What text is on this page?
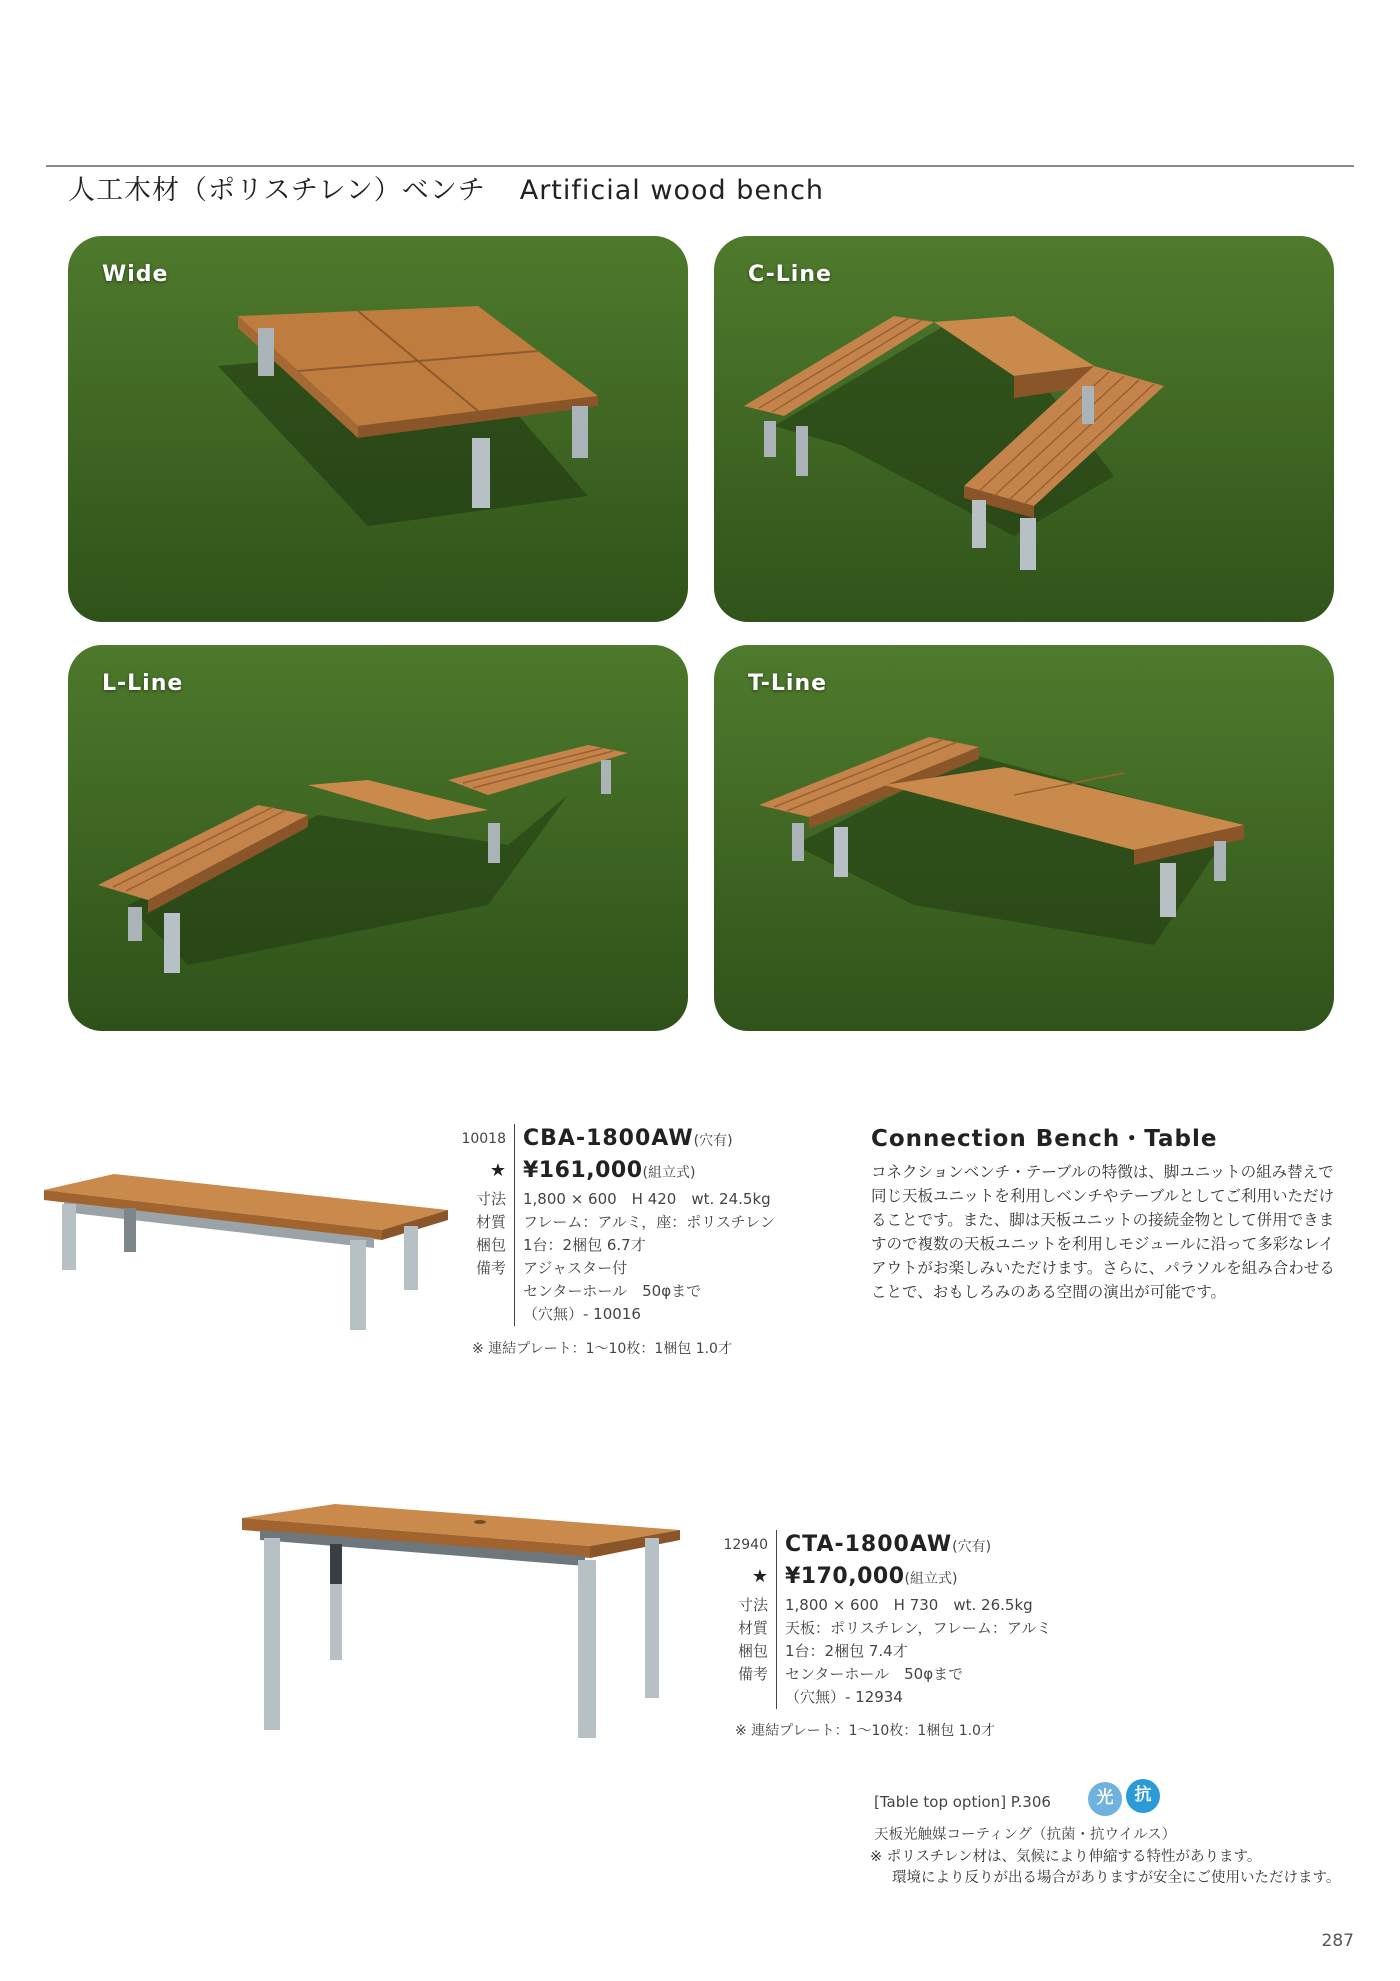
人工木材（ポリスチレン）ベンチ Artificial wood bench
Wide	C-Line
L-Line	T-Line
10018 CBA-1800AW(穴有)
★ ¥161,000(組立式)
寸法	1,800 × 600　H 420　wt. 24.5kg
材質	フレーム：アルミ，座：ポリスチレン
梱包	1台：2梱包 6.7才
備考	アジャスター付
センターホール　50φまで
（穴無）- 10016
※ 連結プレート：1〜10枚：1梱包 1.0才
Connection Bench・Table
コネクションベンチ・テーブルの特徴は、脚ユニットの組み替えで同じ天板ユニットを利用しベンチやテーブルとしてご利用いただけることです。また、脚は天板ユニットの接続金物として併用できますので複数の天板ユニットを利用しモジュールに沿って多彩なレイアウトがお楽しみいただけます。さらに、パラソルを組み合わせることで、おもしろみのある空間の演出が可能です。
12940 CTA-1800AW(穴有)
★ ¥170,000(組立式)
寸法	1,800 × 600　H 730　wt. 26.5kg
材質	天板：ポリスチレン，フレーム：アルミ
梱包	1台：2梱包 7.4才
備考	センターホール　50φまで
（穴無）- 12934
※ 連結プレート：1〜10枚：1梱包 1.0才
[Table top option] P.306	光	抗
天板光触媒コーティング（抗菌・抗ウイルス）
※ ポリスチレン材は、気候により伸縮する特性があります。
環境により反りが出る場合がありますが安全にご使用いただけます。
287
